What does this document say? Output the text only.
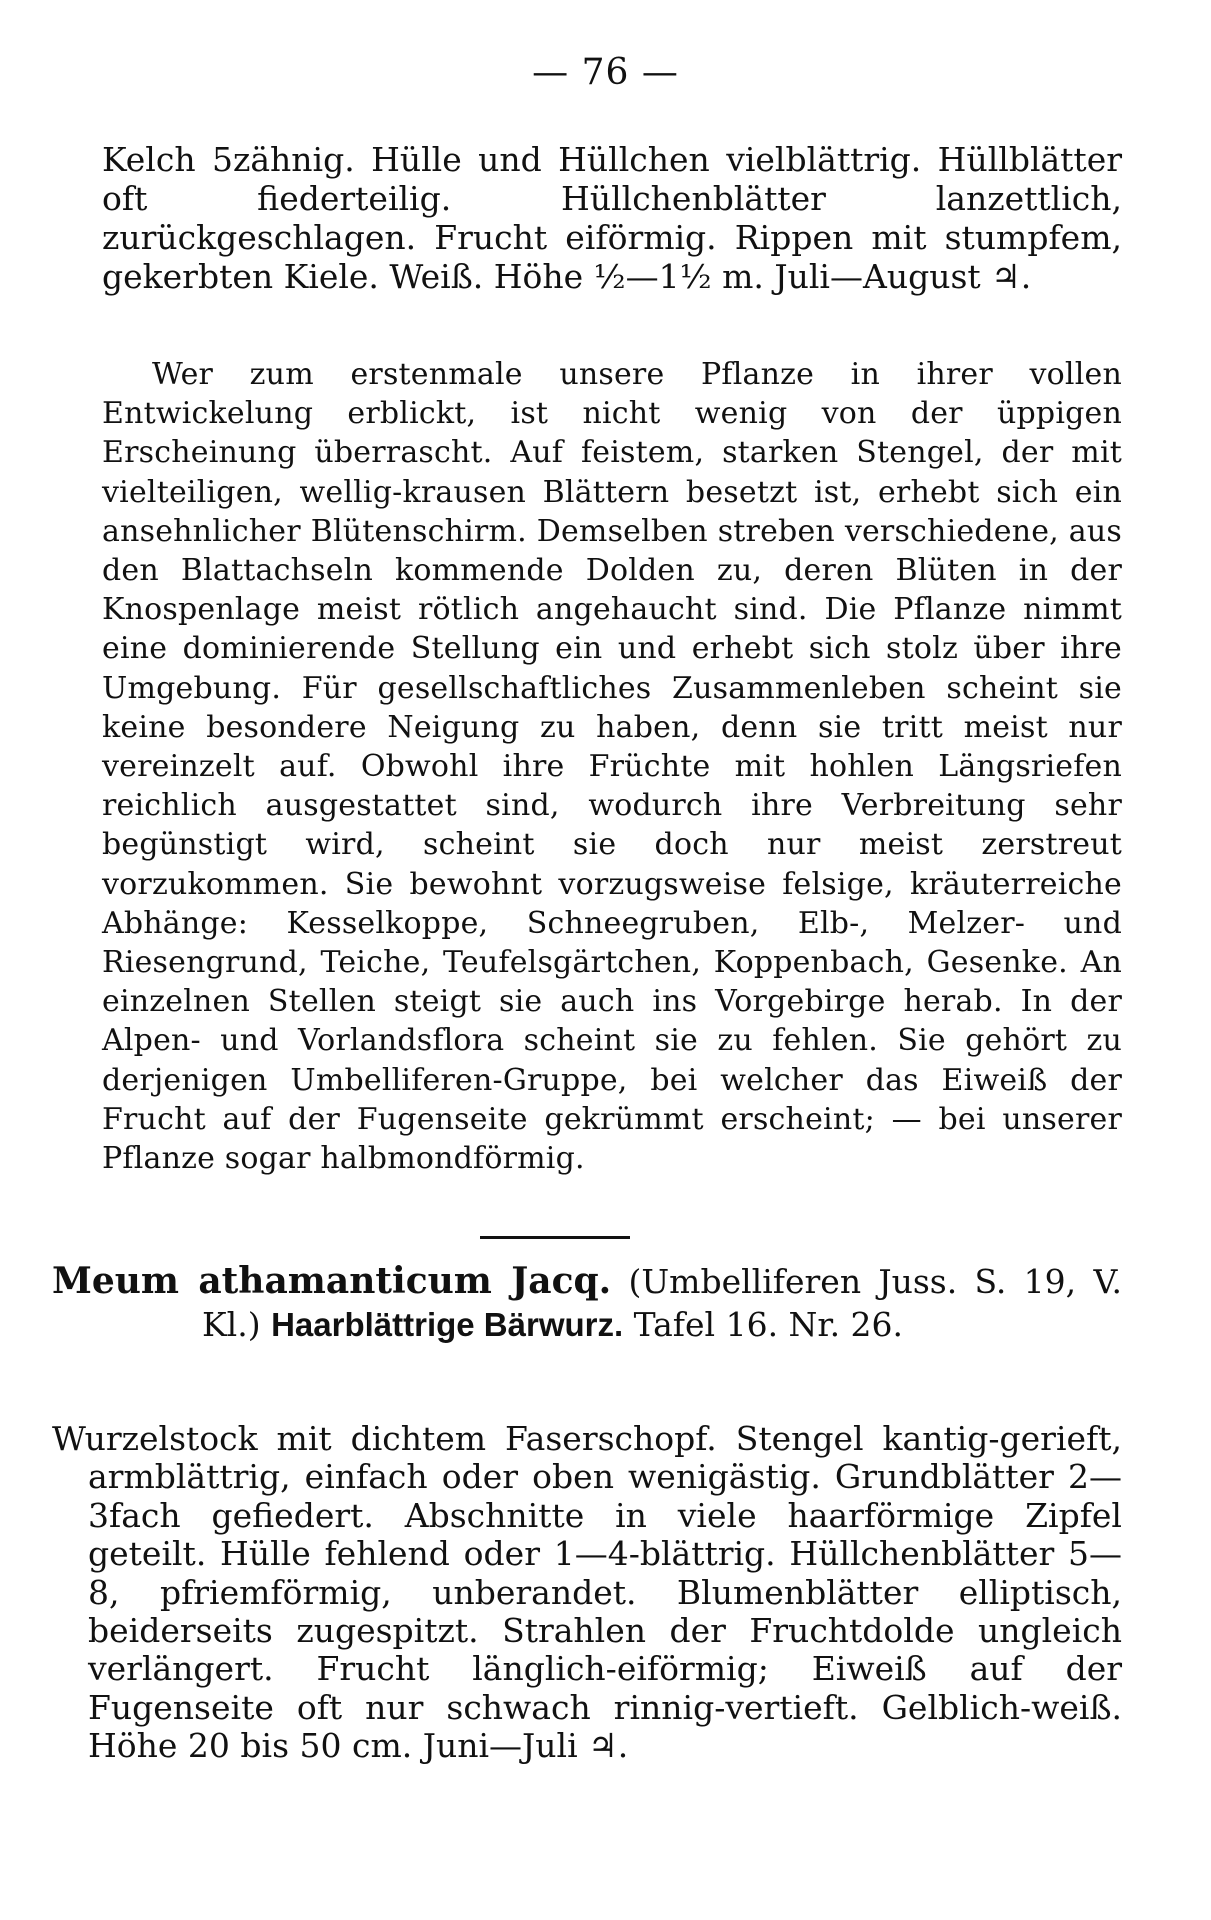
— 76 —
Kelch 5zähnig. Hülle und Hüllchen vielblättrig. Hüllblätter oft fiederteilig. Hüllchenblätter lanzettlich, zurückgeschlagen. Frucht eiförmig. Rippen mit stumpfem, gekerbten Kiele. Weiß. Höhe ½—1½ m. Juli—August ♃.
Wer zum erstenmale unsere Pflanze in ihrer vollen Entwickelung erblickt, ist nicht wenig von der üppigen Erscheinung überrascht. Auf feistem, starken Stengel, der mit vielteiligen, wellig-krausen Blättern besetzt ist, erhebt sich ein ansehnlicher Blütenschirm. Demselben streben verschiedene, aus den Blattachseln kommende Dolden zu, deren Blüten in der Knospenlage meist rötlich angehaucht sind. Die Pflanze nimmt eine dominierende Stellung ein und erhebt sich stolz über ihre Umgebung. Für gesellschaftliches Zusammenleben scheint sie keine besondere Neigung zu haben, denn sie tritt meist nur vereinzelt auf. Obwohl ihre Früchte mit hohlen Längsriefen reichlich ausgestattet sind, wodurch ihre Verbreitung sehr begünstigt wird, scheint sie doch nur meist zerstreut vorzukommen. Sie bewohnt vorzugsweise felsige, kräuterreiche Abhänge: Kesselkoppe, Schneegruben, Elb-, Melzer- und Riesengrund, Teiche, Teufelsgärtchen, Koppenbach, Gesenke. An einzelnen Stellen steigt sie auch ins Vorgebirge herab. In der Alpen- und Vorlandsflora scheint sie zu fehlen. Sie gehört zu derjenigen Umbelliferen-Gruppe, bei welcher das Eiweiß der Frucht auf der Fugenseite gekrümmt erscheint; — bei unserer Pflanze sogar halbmondförmig.
Meum athamanticum Jacq. (Umbelliferen Juss. S. 19, V. Kl.) Haarblättrige Bärwurz. Tafel 16. Nr. 26.
Wurzelstock mit dichtem Faserschopf. Stengel kantig-gerieft, armblättrig, einfach oder oben wenigästig. Grundblätter 2—3fach gefiedert. Abschnitte in viele haarförmige Zipfel geteilt. Hülle fehlend oder 1—4-blättrig. Hüllchenblätter 5—8, pfriemförmig, unberandet. Blumenblätter elliptisch, beiderseits zugespitzt. Strahlen der Fruchtdolde ungleich verlängert. Frucht länglich-eiförmig; Eiweiß auf der Fugenseite oft nur schwach rinnig-vertieft. Gelblich-weiß. Höhe 20 bis 50 cm. Juni—Juli ♃.
